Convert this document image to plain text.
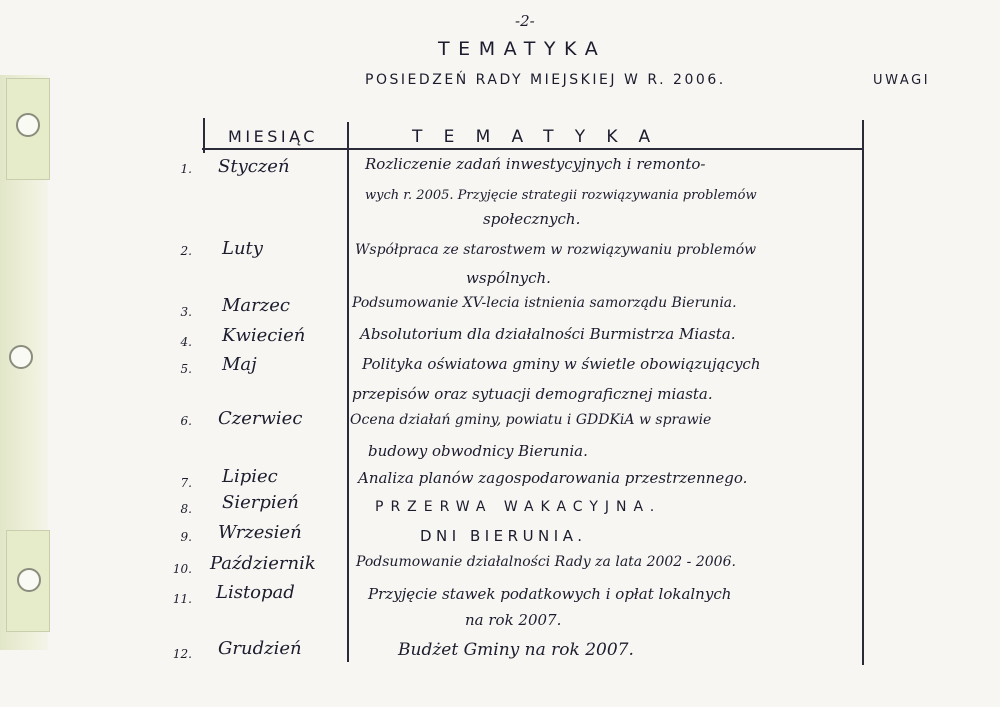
-2-
TEMATYKA
POSIEDZEŃ RADY MIEJSKIEJ W R. 2006.	UWAGI
MIESIĄC	TEMATYKA
1. Styczeń	Rozliczenie zadań inwestycyjnych i remonto-
wych r. 2005. Przyjęcie strategii rozwiązywania problemów
społecznych.
2. Luty	Współpraca ze starostwem w rozwiązywaniu problemów
wspólnych.
3. Marzec	Podsumowanie XV-lecia istnienia samorządu Bierunia.
4. Kwiecień	Absolutorium dla działalności Burmistrza Miasta.
5. Maj	Polityka oświatowa gminy w świetle obowiązujących
przepisów oraz sytuacji demograficznej miasta.
6. Czerwiec	Ocena działań gminy, powiatu i GDDKiA w sprawie
budowy obwodnicy Bierunia.
7. Lipiec	Analiza planów zagospodarowania przestrzennego.
8. Sierpień	PRZERWA WAKACYJNA.
9. Wrzesień	DNI BIERUNIA.
10. Październik	Podsumowanie działalności Rady za lata 2002 - 2006.
11. Listopad	Przyjęcie stawek podatkowych i opłat lokalnych
na rok 2007.
12. Grudzień	Budżet Gminy na rok 2007.
